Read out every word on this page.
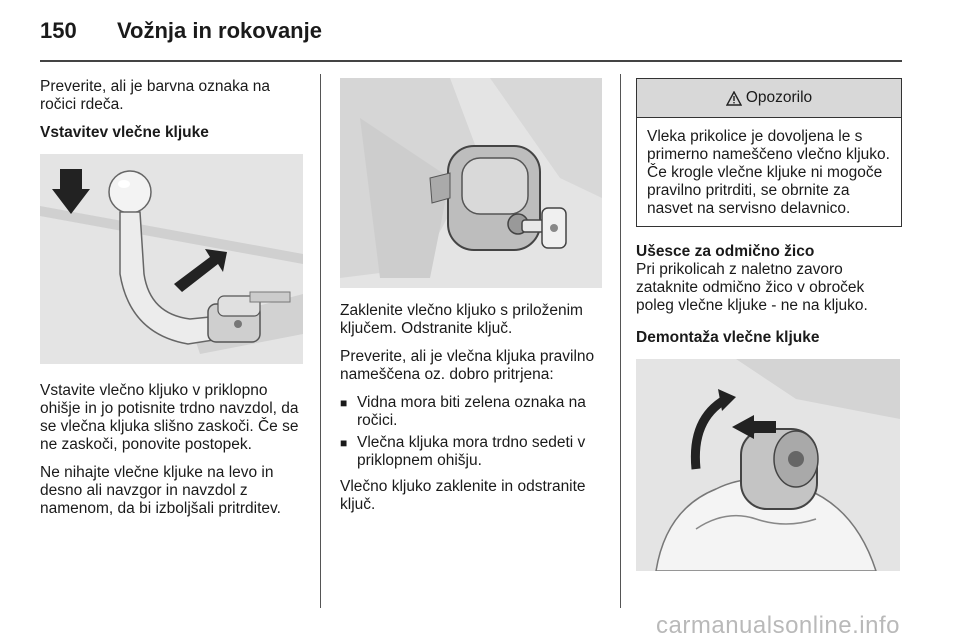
150 Vožnja in rokovanje

Preverite, ali je barvna oznaka na ročici rdeča.

Vstavitev vlečne kljuke

Vstavite vlečno kljuko v priklopno ohišje in jo potisnite trdno navzdol, da se vlečna kljuka slišno zaskoči. Če se ne zaskoči, ponovite postopek.

Ne nihajte vlečne kljuke na levo in desno ali navzgor in navzdol z namenom, da bi izboljšali pritrditev.

Zaklenite vlečno kljuko s priloženim ključem. Odstranite ključ.

Preverite, ali je vlečna kljuka pravilno nameščena oz. dobro pritrjena:

■ Vidna mora biti zelena oznaka na ročici.
■ Vlečna kljuka mora trdno sedeti v priklopnem ohišju.

Vlečno kljuko zaklenite in odstranite ključ.

Opozorilo
Vleka prikolice je dovoljena le s primerno nameščeno vlečno kljuko. Če krogle vlečne kljuke ni mogoče pravilno pritrditi, se obrnite za nasvet na servisno delavnico.
Ušesce za odmično žico

Pri prikolicah z naletno zavoro zataknite odmično žico v obroček poleg vlečne kljuke - ne na kljuko.

Demontaža vlečne kljuke
carmanualsonline.info
